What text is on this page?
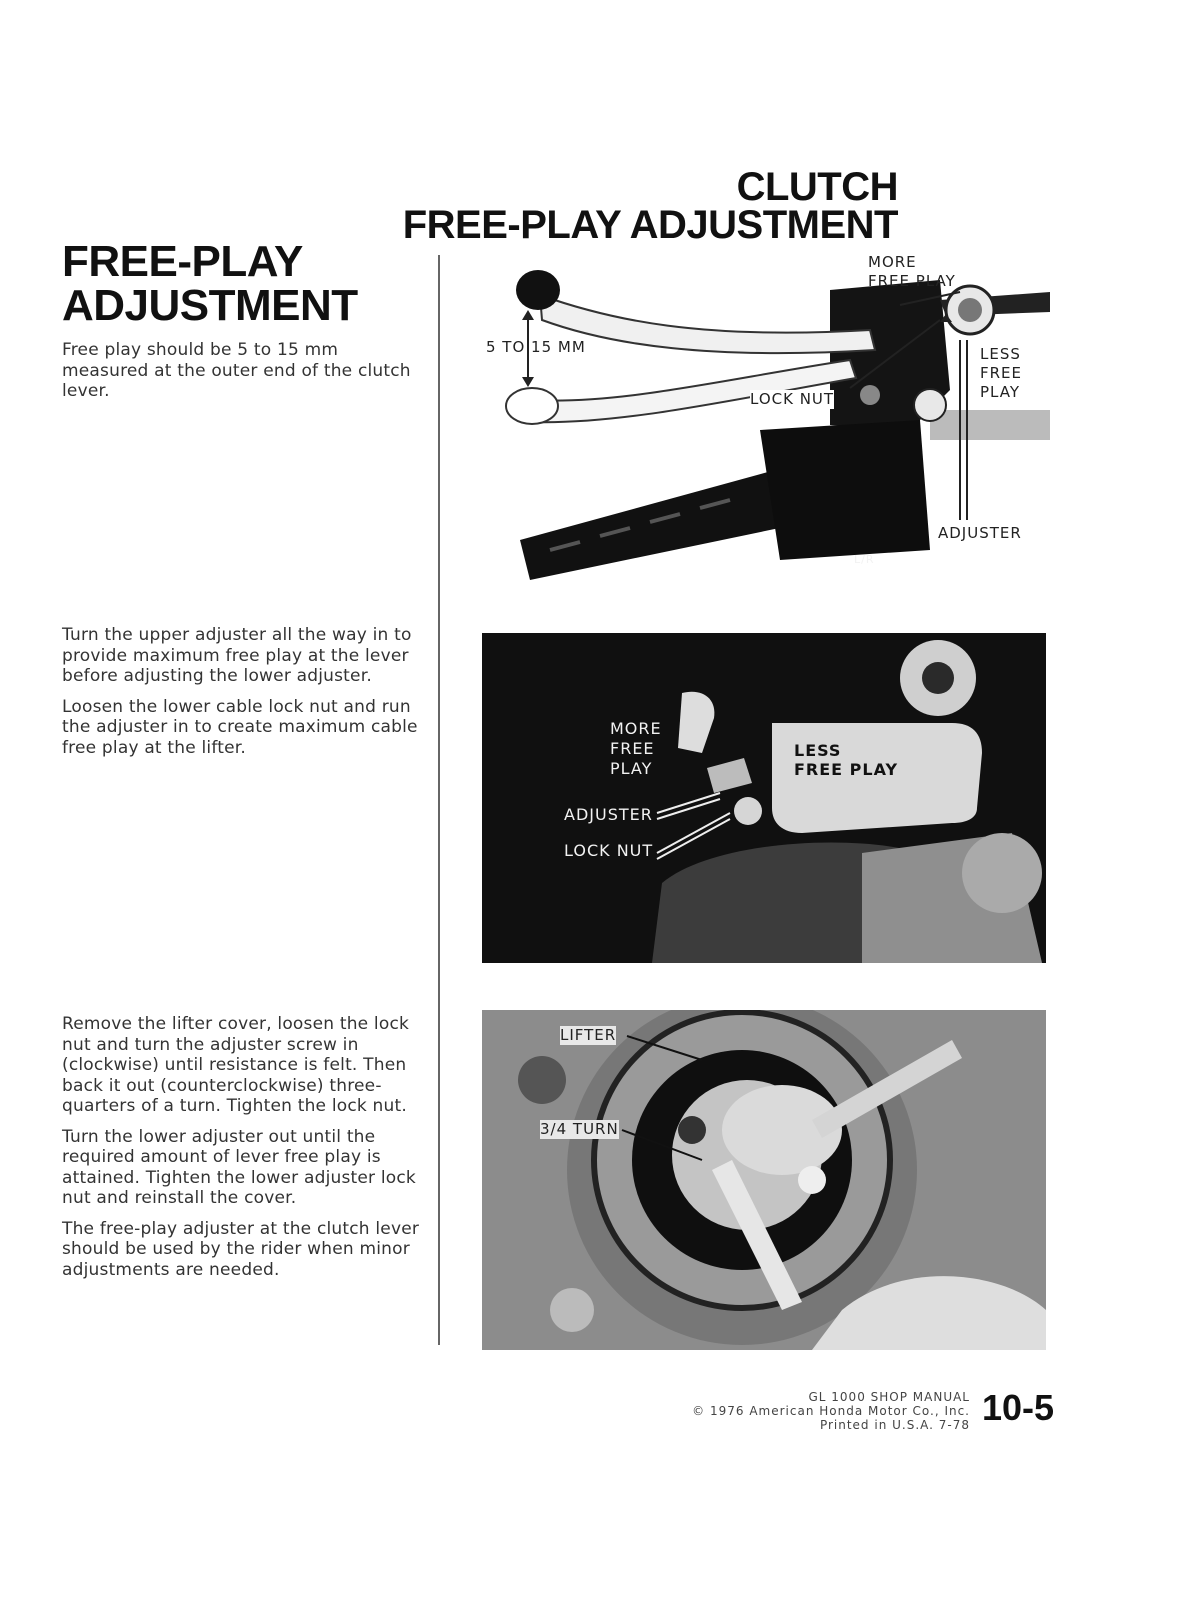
CLUTCH
FREE-PLAY ADJUSTMENT
FREE-PLAY
ADJUSTMENT

Free play should be 5 to 15 mm measured at the outer end of the clutch lever.

Turn the upper adjuster all the way in to provide maximum free play at the lever before adjusting the lower adjuster.

Loosen the lower cable lock nut and run the adjuster in to create maximum cable free play at the lifter.

Remove the lifter cover, loosen the lock nut and turn the adjuster screw in (clockwise) until resistance is felt. Then back it out (counterclockwise) three-quarters of a turn. Tighten the lock nut.

Turn the lower adjuster out until the required amount of lever free play is attained. Tighten the lower adjuster lock nut and reinstall the cover.

The free-play adjuster at the clutch lever should be used by the rider when minor adjustments are needed.

MORE
FREE PLAY
5 TO 15 MM	LESS
FREE
PLAY
LOCK NUT
ADJUSTER
L/R
MORE
FREE
PLAY
LESS
FREE PLAY
ADJUSTER
LOCK NUT
LIFTER
3/4 TURN
GL 1000 SHOP MANUAL
© 1976 American Honda Motor Co., Inc.
Printed in U.S.A. 7-78 10-5
